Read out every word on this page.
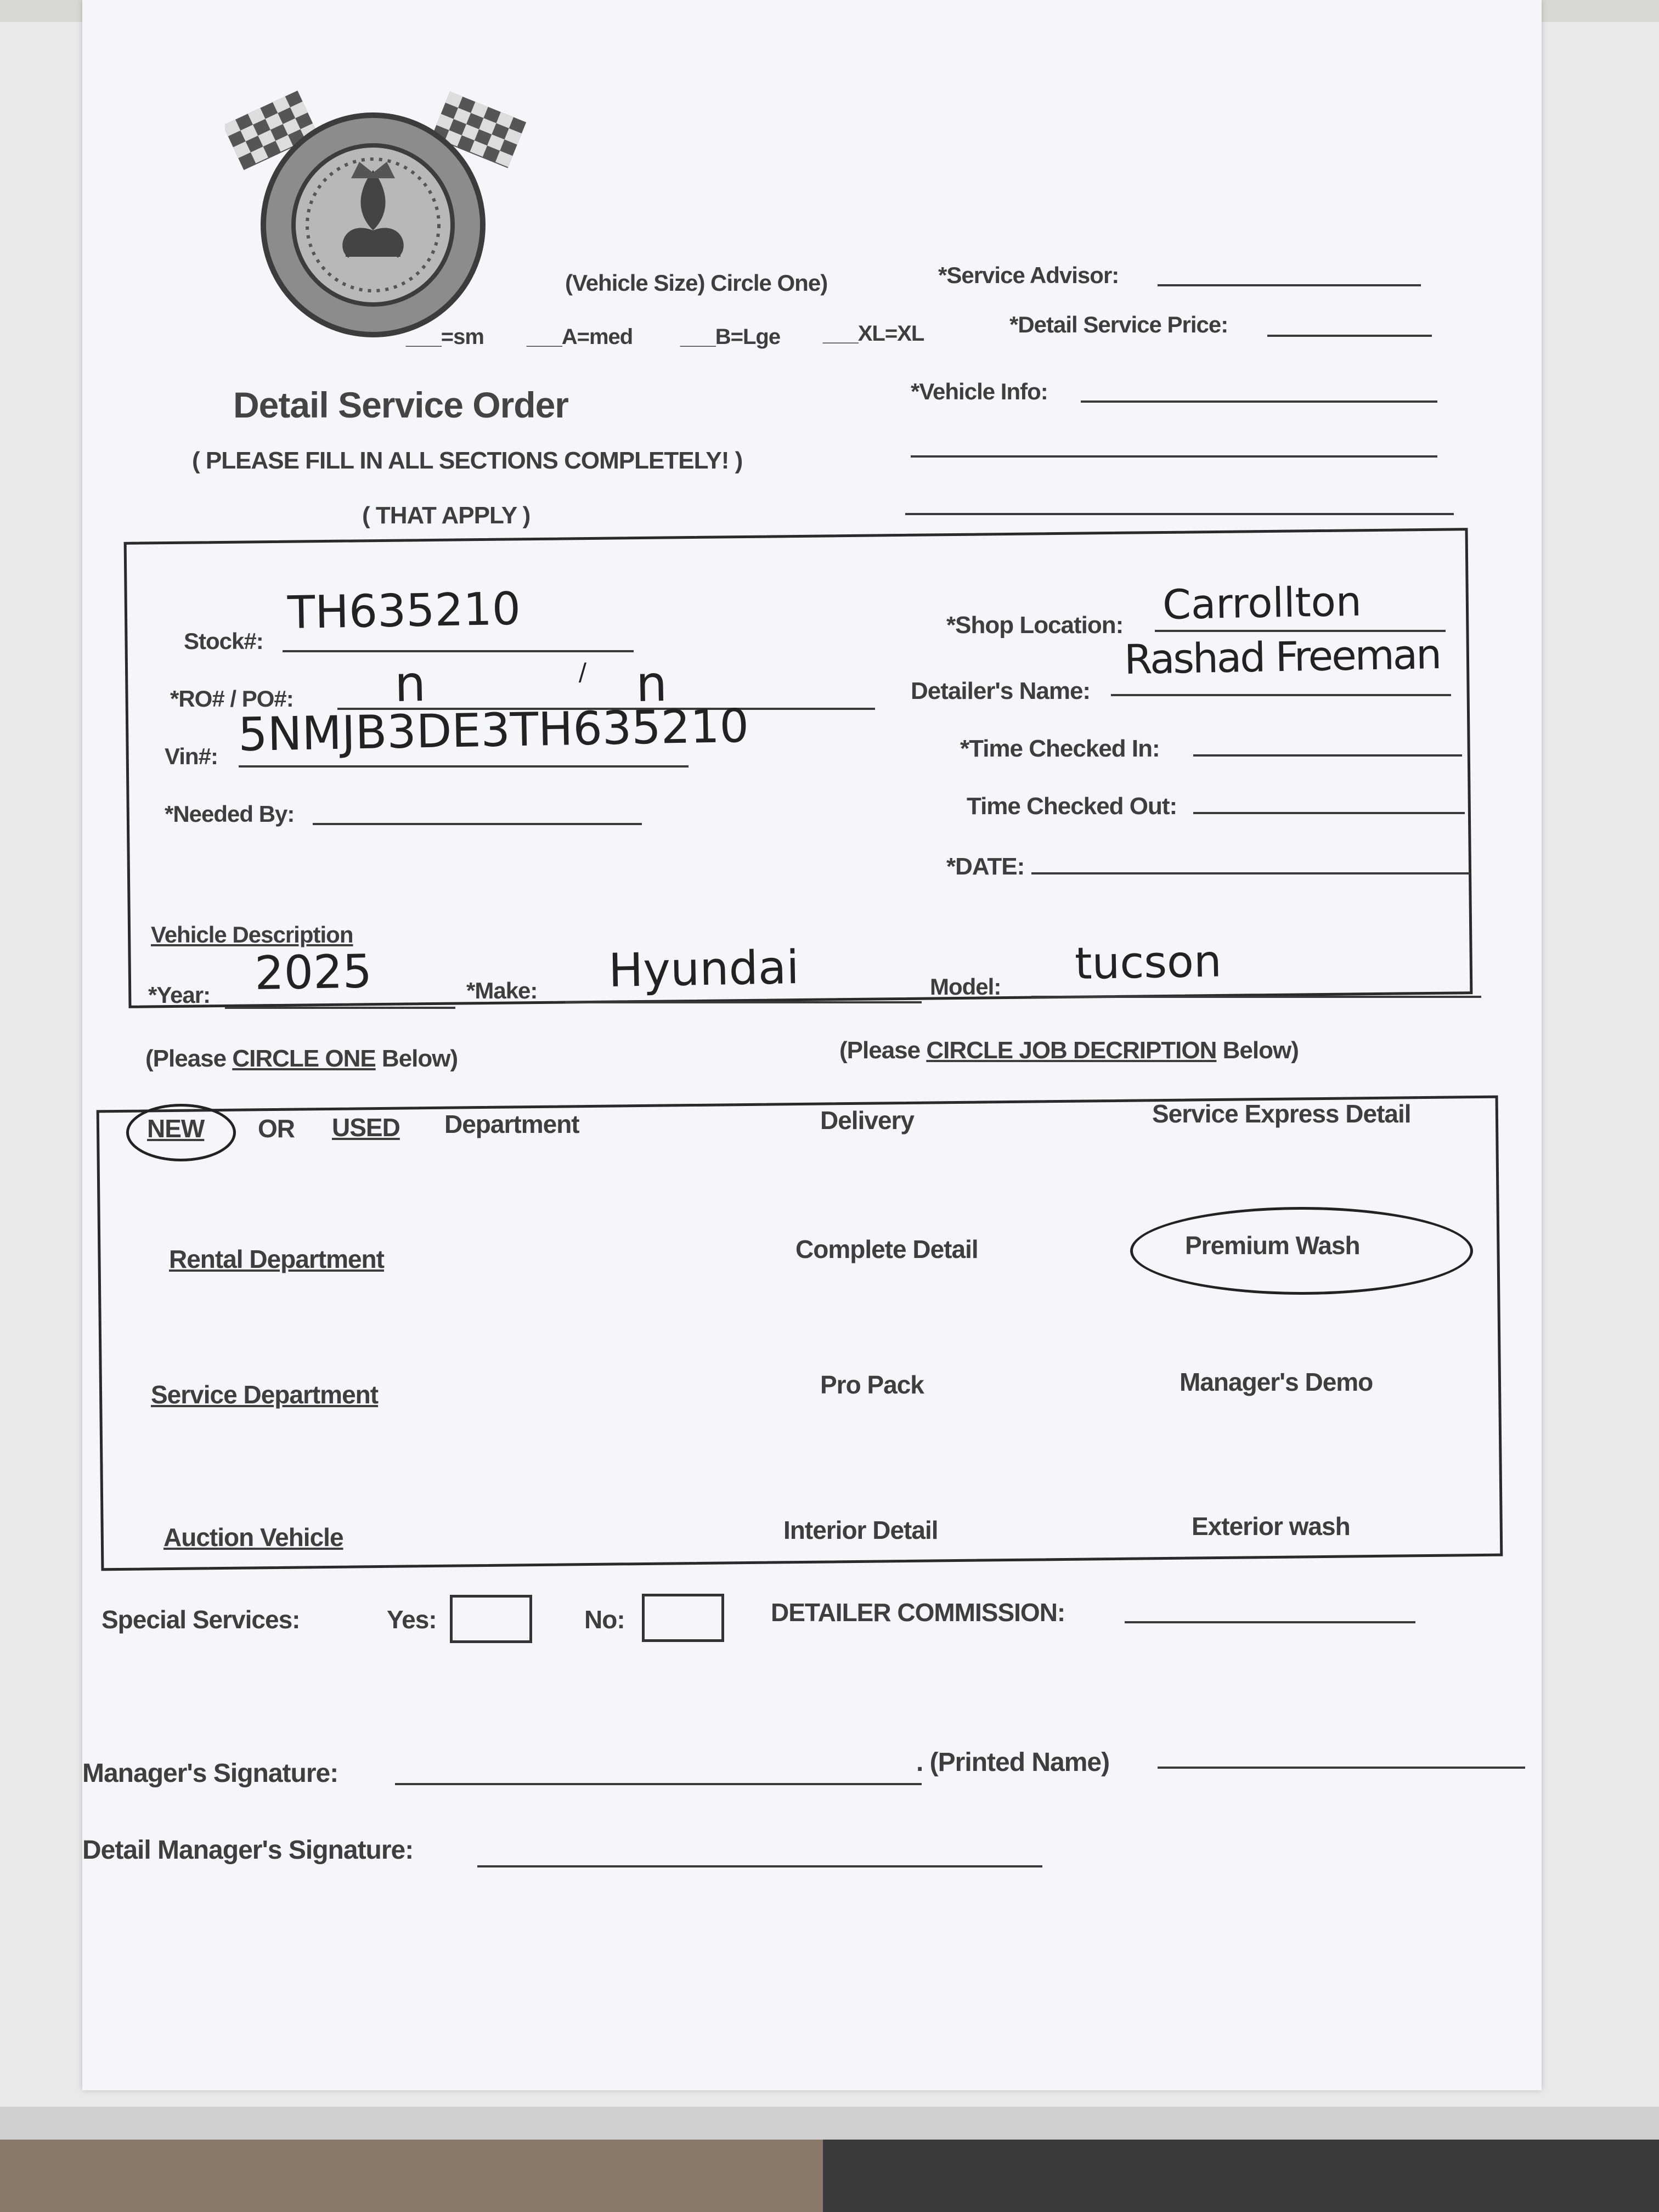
(Vehicle Size) Circle One)
___=sm ___A=med ___B=Lge ___XL=XL
*Service Advisor:
*Detail Service Price:
Detail Service Order	*Vehicle Info:
( PLEASE FILL IN ALL SECTIONS COMPLETELY! )
( THAT APPLY )
Stock#:
TH635210
*RO# / PO#: n	/ n
Vin#: 5NMJB3DE3TH635210
*Needed By:
*Shop Location: Carrollton
Detailer's Name:
Rashad Freeman
*Time Checked In:
Time Checked Out:
*DATE:
Vehicle Description
*Year: 2025	*Make: Hyundai	Model: tucson
(Please CIRCLE ONE Below)	(Please CIRCLE JOB DECRIPTION Below)
NEW OR USED Department	Delivery	Service Express Detail
Rental Department	Complete Detail	Premium Wash
Service Department	Pro Pack	Manager's Demo
Auction Vehicle	Interior Detail	Exterior wash
Special Services:	Yes:	No:	DETAILER COMMISSION:
Manager's Signature:	. (Printed Name)
Detail Manager's Signature:
